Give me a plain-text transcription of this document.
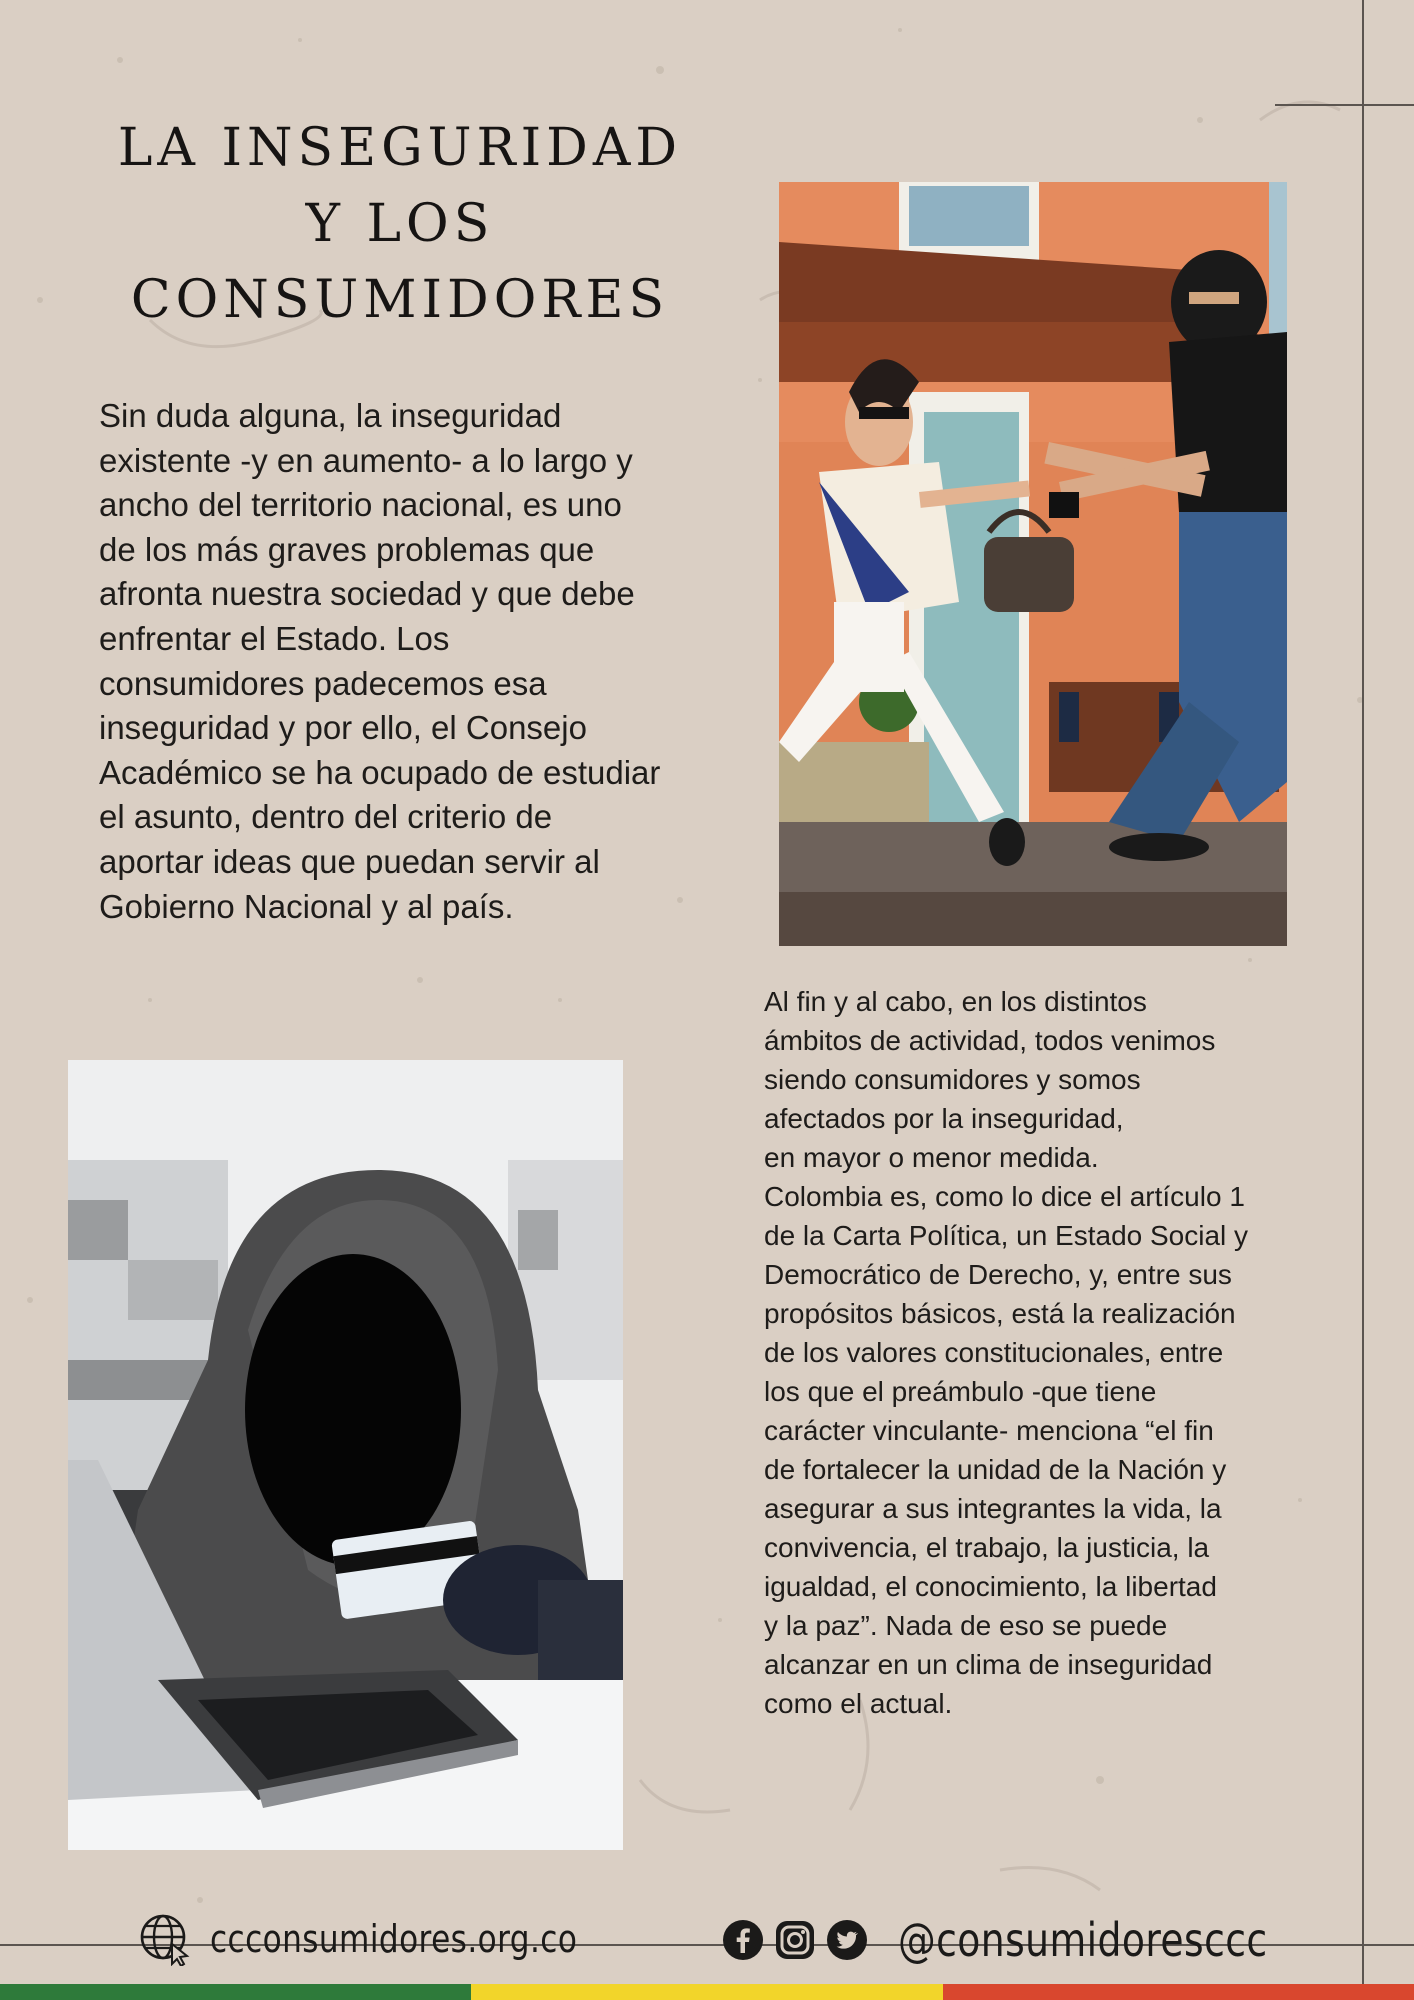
LA INSEGURIDAD
Y LOS
CONSUMIDORES

Sin duda alguna, la inseguridad
existente -y en aumento- a lo largo y
ancho del territorio nacional, es uno
de los más graves problemas que
afronta nuestra sociedad y que debe
enfrentar el Estado. Los
consumidores padecemos esa
inseguridad y por ello, el Consejo
Académico se ha ocupado de estudiar
el asunto, dentro del criterio de
aportar ideas que puedan servir al
Gobierno Nacional y al país.

Al fin y al cabo, en los distintos
ámbitos de actividad, todos venimos
siendo consumidores y somos
afectados por la inseguridad,
en mayor o menor medida.
Colombia es, como lo dice el artículo 1
de la Carta Política, un Estado Social y
Democrático de Derecho, y, entre sus
propósitos básicos, está la realización
de los valores constitucionales, entre
los que el preámbulo -que tiene
carácter vinculante- menciona “el fin
de fortalecer la unidad de la Nación y
asegurar a sus integrantes la vida, la
convivencia, el trabajo, la justicia, la
igualdad, el conocimiento, la libertad
y la paz”. Nada de eso se puede
alcanzar en un clima de inseguridad
como el actual.

ccconsumidores.org.co	@consumidoresccc
